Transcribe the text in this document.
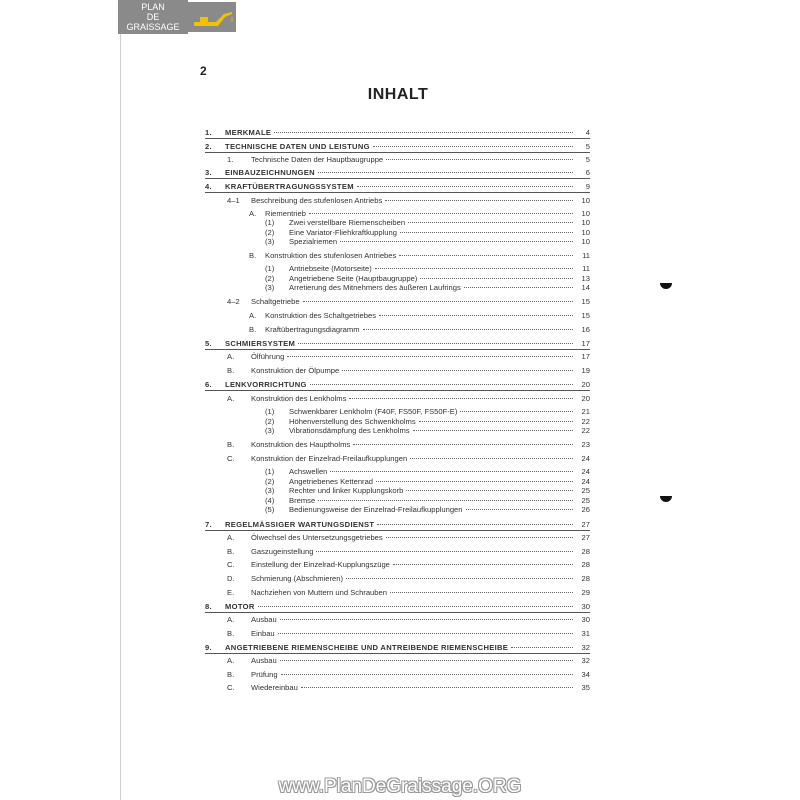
PLAN
DE
GRAISSAGE
2
INHALT
1.	MERKMALE	4
2.	TECHNISCHE DATEN UND LEISTUNG	5
1.	Technische Daten der Hauptbaugruppe	5
3.	EINBAUZEICHNUNGEN	6
4.	KRAFTÜBERTRAGUNGSSYSTEM	9
4–1	Beschreibung des stufenlosen Antriebs	10
A.	Riementrieb	10
(1)	Zwei verstellbare Riemenscheiben	10
(2)	Eine Variator-Fliehkraftkupplung	10
(3)	Spezialriemen	10
B.	Konstruktion des stufenlosen Antriebes	11
(1)	Antriebseite (Motorseite)	11
(2)	Angetriebene Seite (Hauptbaugruppe)	13
(3)	Arretierung des Mitnehmers des äußeren Laufrings	14
4–2	Schaltgetriebe	15
A.	Konstruktion des Schaltgetriebes	15
B.	Kraftübertragungsdiagramm	16
5.	SCHMIERSYSTEM	17
A.	Ölführung	17
B.	Konstruktion der Ölpumpe	19
6.	LENKVORRICHTUNG	20
A.	Konstruktion des Lenkholms	20
(1)	Schwenkbarer Lenkholm (F40F, FS50F, FS50F-E)	21
(2)	Höhenverstellung des Schwenkholms	22
(3)	Vibrationsdämpfung des Lenkholms	22
B.	Konstruktion des Hauptholms	23
C.	Konstruktion der Einzelrad-Freilaufkupplungen	24
(1)	Achswellen	24
(2)	Angetriebenes Kettenrad	24
(3)	Rechter und linker Kupplungskorb	25
(4)	Bremse	25
(5)	Bedienungsweise der Einzelrad-Freilaufkupplungen	26
7.	REGELMÄSSIGER WARTUNGSDIENST	27
A.	Ölwechsel des Untersetzungsgetriebes	27
B.	Gaszugeinstellung	28
C.	Einstellung der Einzelrad-Kupplungszüge	28
D.	Schmierung (Abschmieren)	28
E.	Nachziehen von Muttern und Schrauben	29
8.	MOTOR	30
A.	Ausbau	30
B.	Einbau	31
9.	ANGETRIEBENE RIEMENSCHEIBE UND ANTREIBENDE RIEMENSCHEIBE	32
A.	Ausbau	32
B.	Prüfung	34
C.	Wiedereinbau	35
www.PlanDeGraissage.ORG
